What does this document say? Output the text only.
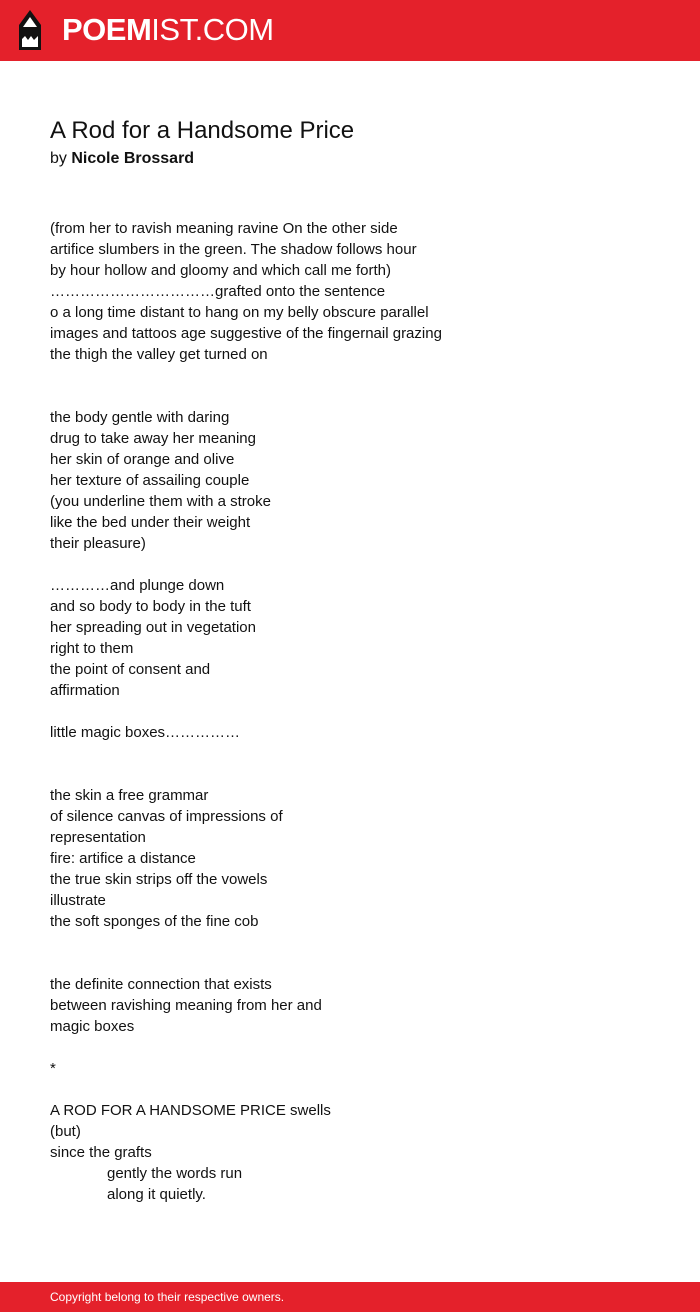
POEMIST.COM
A Rod for a Handsome Price

by Nicole Brossard

(from her to ravish meaning ravine On the other side
artifice slumbers in the green. The shadow follows hour
by hour hollow and gloomy and which call me forth)
……………………………grafted onto the sentence
o a long time distant to hang on my belly obscure parallel
images and tattoos age suggestive of the fingernail grazing
the thigh the valley get turned on
the body gentle with daring
drug to take away her meaning
her skin of orange and olive
her texture of assailing couple
(you underline them with a stroke
like the bed under their weight
their pleasure)
…………and plunge down
and so body to body in the tuft
her spreading out in vegetation
right to them
the point of consent and
affirmation
little magic boxes……………
the skin a free grammar
of silence canvas of impressions of
representation
fire: artifice a distance
the true skin strips off the vowels
illustrate
the soft sponges of the fine cob
the definite connection that exists
between ravishing meaning from her and
magic boxes
*
A ROD FOR A HANDSOME PRICE swells
(but)
since the grafts
gently the words run
along it quietly.
Copyright belong to their respective owners.
